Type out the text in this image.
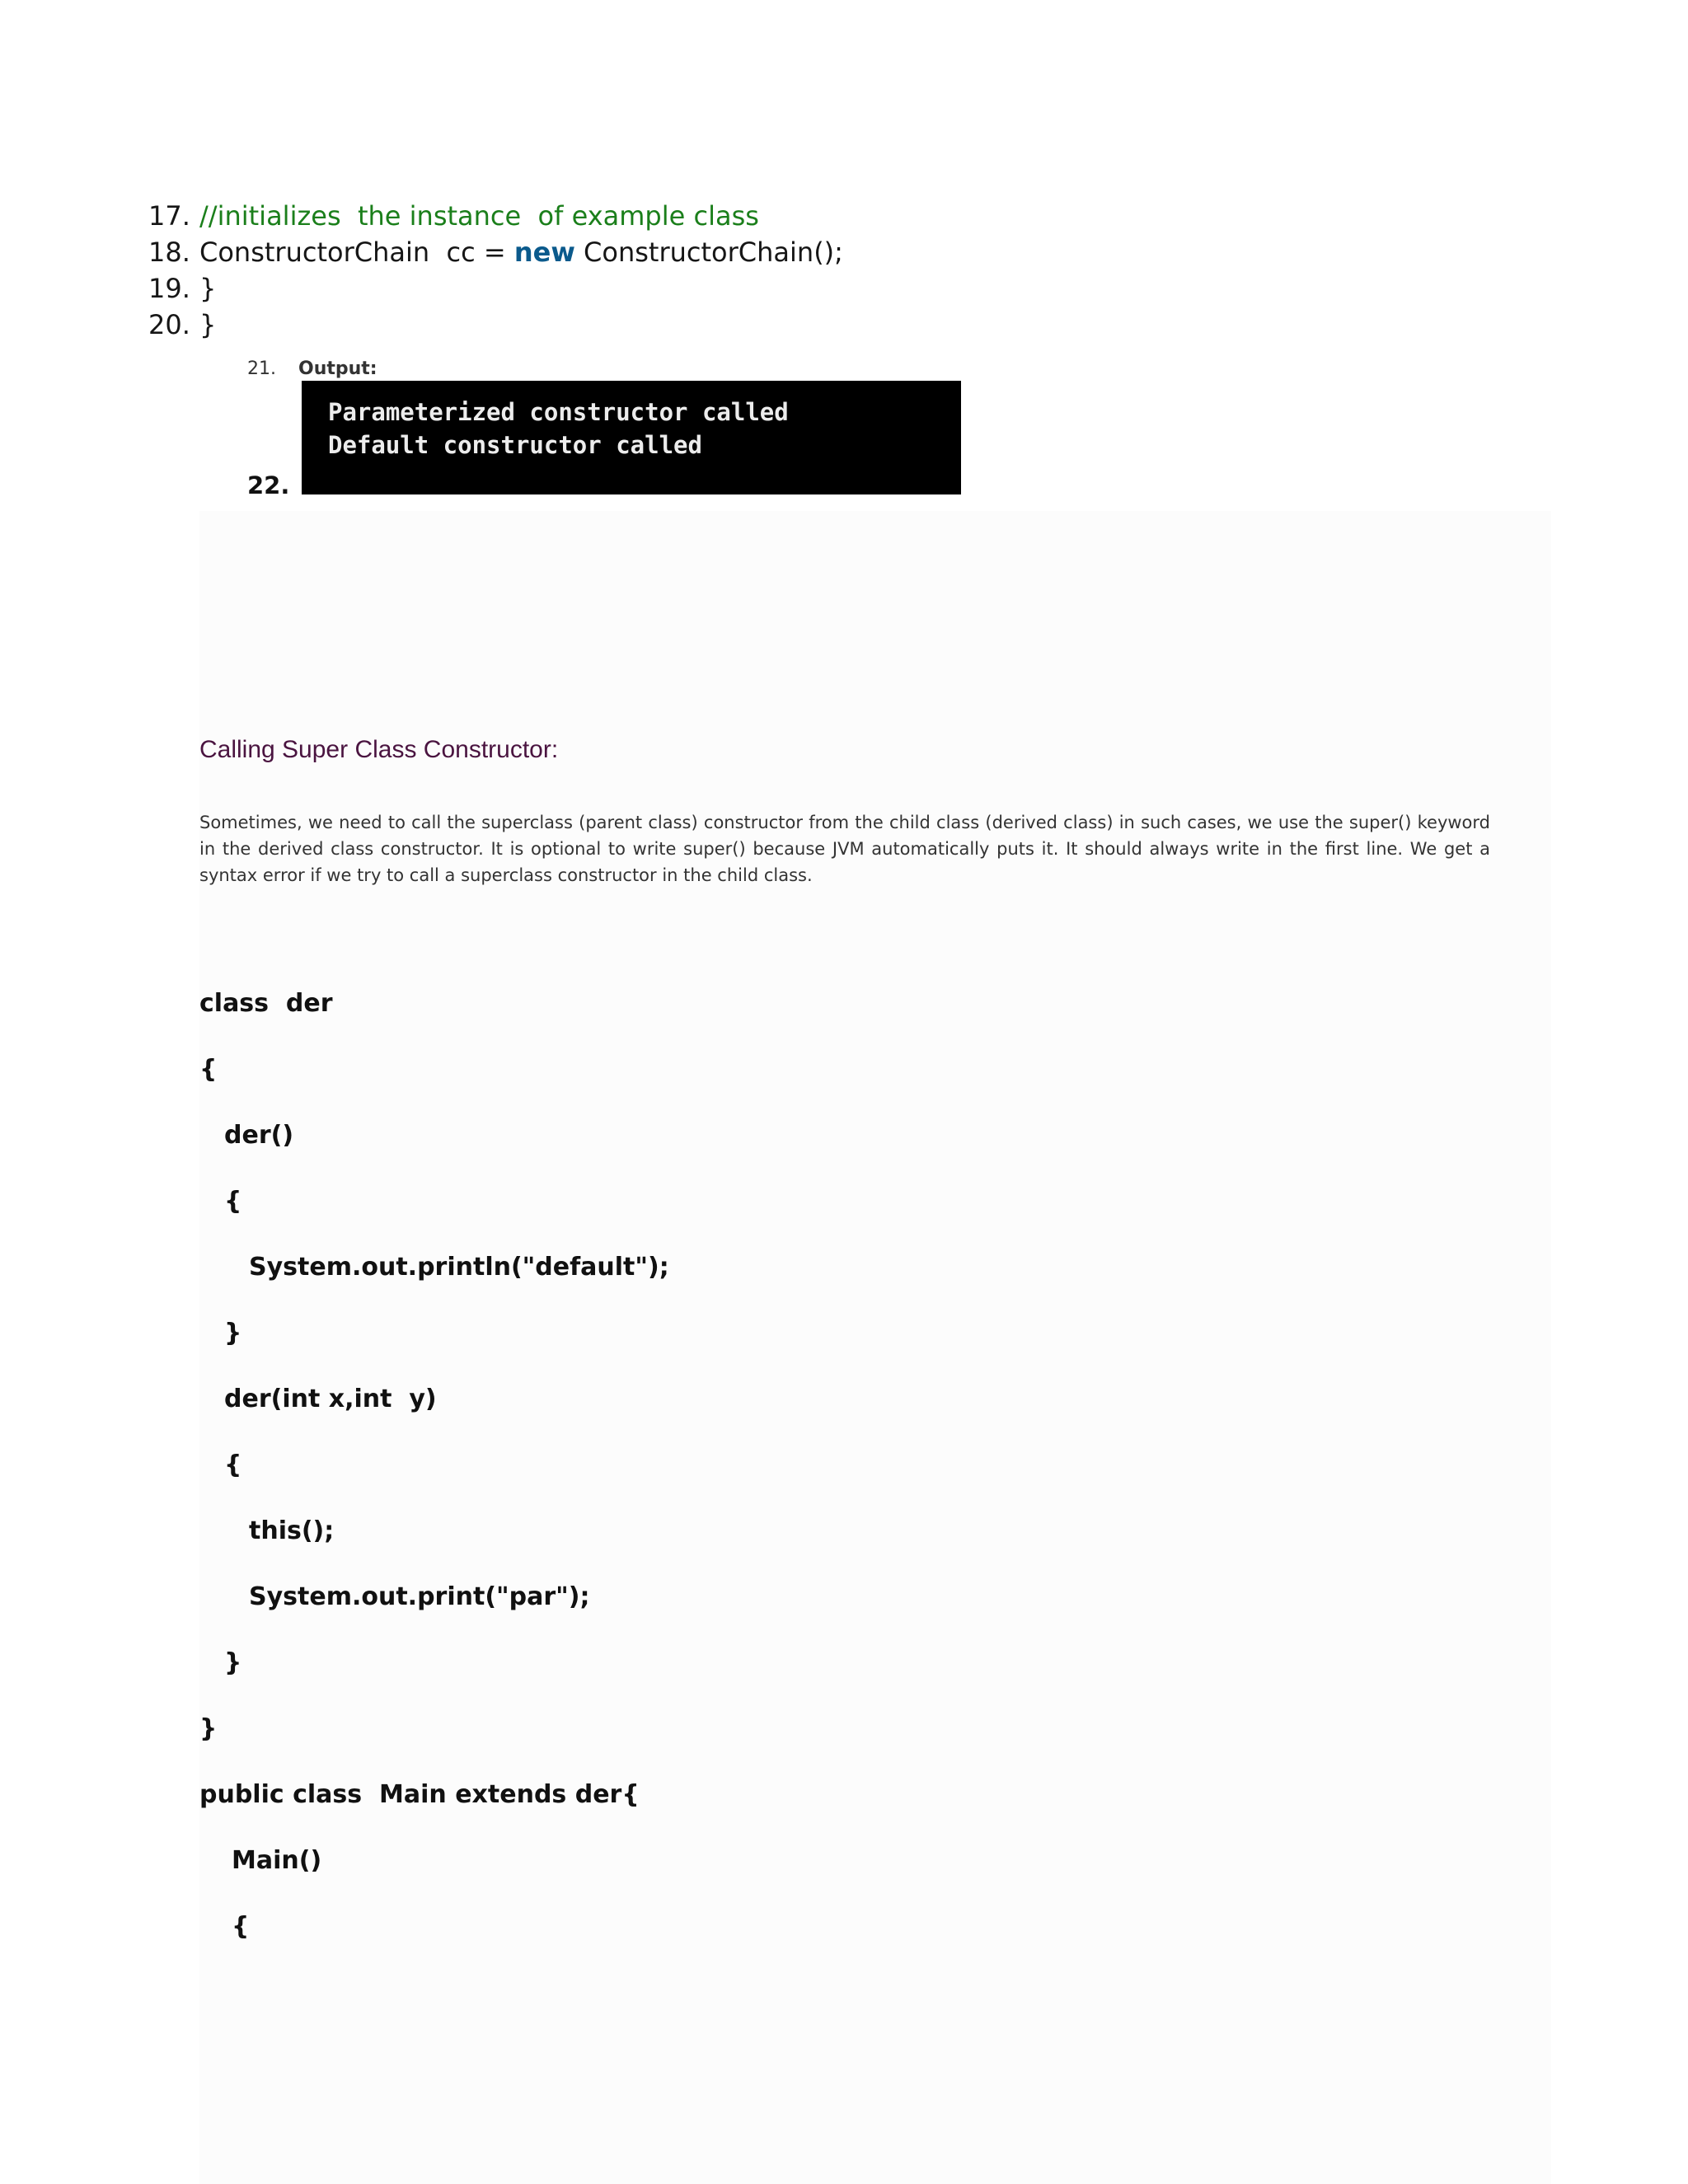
17. //initializes  the instance  of example class
18. ConstructorChain  cc = new ConstructorChain();
19. }
20. }
21. Output:
Parameterized constructor called
Default constructor called
22.
Calling Super Class Constructor:
Sometimes, we need to call the superclass (parent class) constructor from the child class (derived class) in such cases, we use the super() keyword in the derived class constructor. It is optional to write super() because JVM automatically puts it. It should always write in the first line. We get a syntax error if we try to call a superclass constructor in the child class.
class  der
{
der()
{
System.out.println("default");
}
der(int x,int  y)
{
this();
System.out.print("par");
}
}
public class  Main extends der{
Main()
{
